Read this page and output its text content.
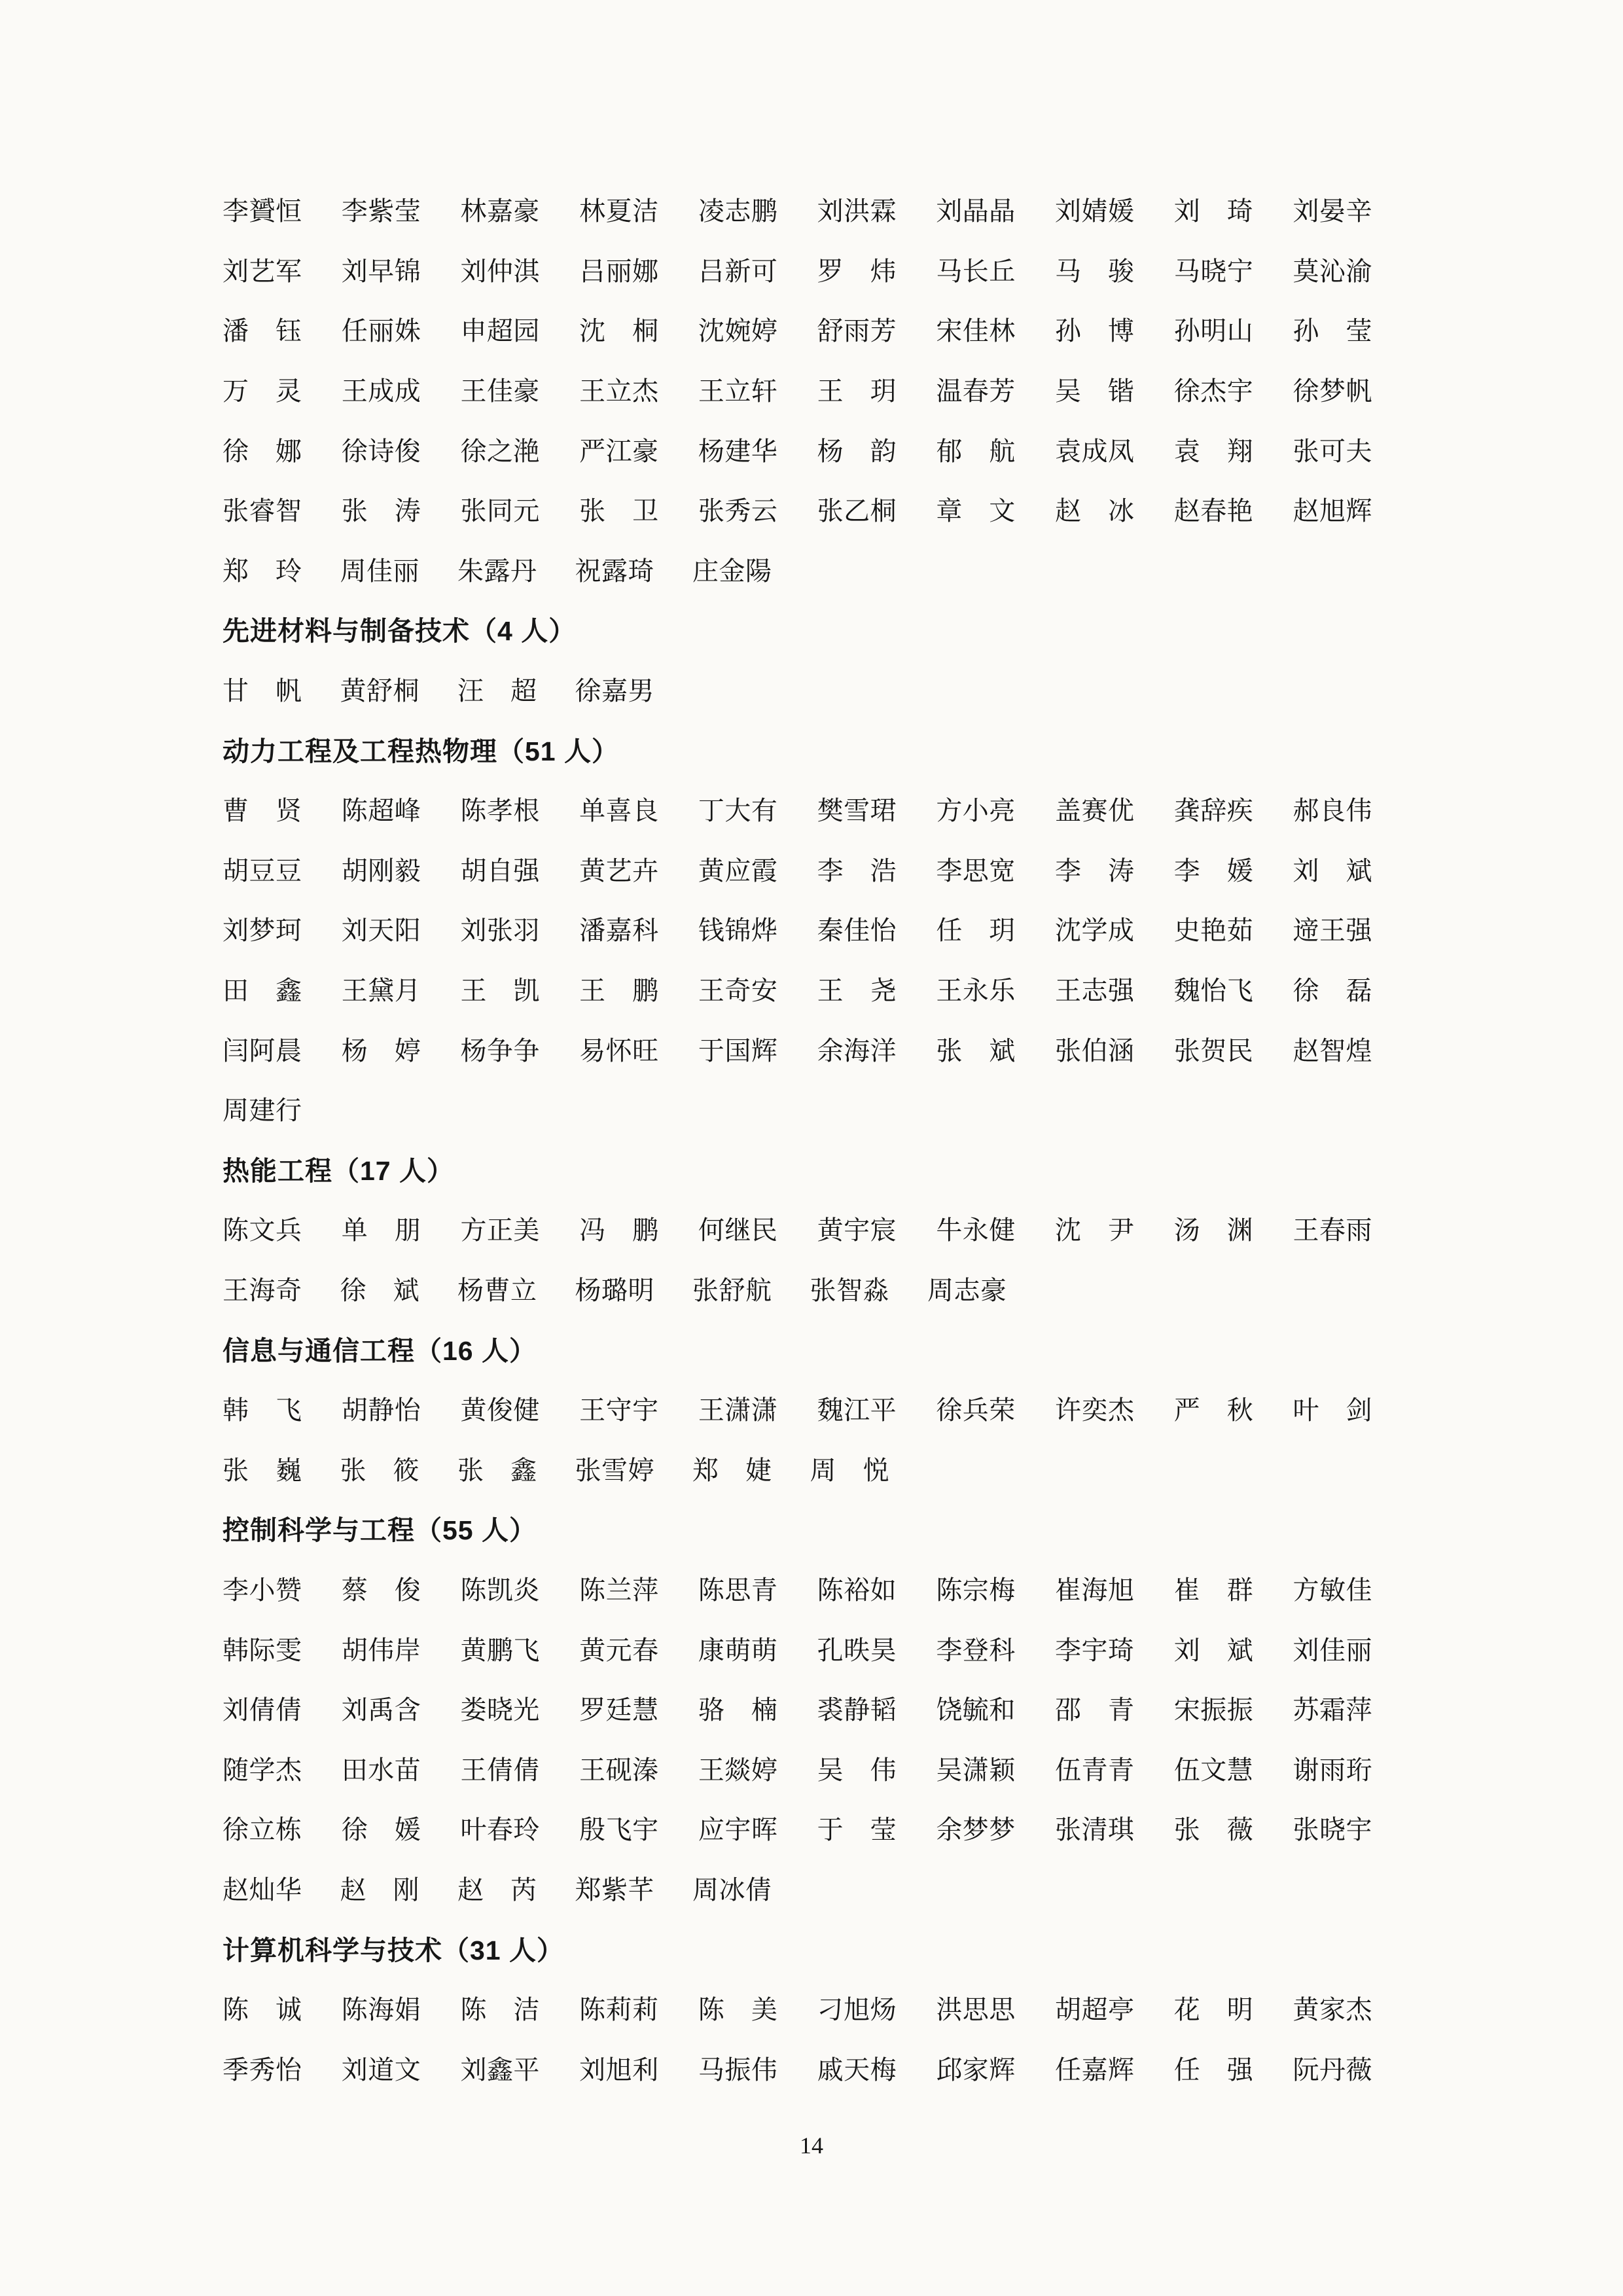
李贇恒 李紫莹 林嘉豪 林夏洁 凌志鹏 刘洪霖 刘晶晶 刘婧媛 刘 琦 刘晏辛
刘艺军 刘早锦 刘仲淇 吕丽娜 吕新可 罗 炜 马长丘 马 骏 马晓宁 莫沁渝
潘 钰 任丽姝 申超园 沈 桐 沈婉婷 舒雨芳 宋佳林 孙 博 孙明山 孙 莹
万 灵 王成成 王佳豪 王立杰 王立轩 王 玥 温春芳 吴 锴 徐杰宇 徐梦帆
徐 娜 徐诗俊 徐之滟 严江豪 杨建华 杨 韵 郁 航 袁成凤 袁 翔 张可夫
张睿智 张 涛 张同元 张 卫 张秀云 张乙桐 章 文 赵 冰 赵春艳 赵旭辉
郑 玲 周佳丽 朱露丹 祝露琦 庄金陽
先进材料与制备技术（4 人）
甘 帆 黄舒桐 汪 超 徐嘉男
动力工程及工程热物理（51 人）
曹 贤 陈超峰 陈孝根 单喜良 丁大有 樊雪珺 方小亮 盖赛优 龚辞疾 郝良伟
胡豆豆 胡刚毅 胡自强 黄艺卉 黄应霞 李 浩 李思宽 李 涛 李 媛 刘 斌
刘梦珂 刘天阳 刘张羽 潘嘉科 钱锦烨 秦佳怡 任 玥 沈学成 史艳茹 遆王强
田 鑫 王黛月 王 凯 王 鹏 王奇安 王 尧 王永乐 王志强 魏怡飞 徐 磊
闫阿晨 杨 婷 杨争争 易怀旺 于国辉 余海洋 张 斌 张伯涵 张贺民 赵智煌
周建行
热能工程（17 人）
陈文兵 单 朋 方正美 冯 鹏 何继民 黄宇宸 牛永健 沈 尹 汤 渊 王春雨
王海奇 徐 斌 杨曹立 杨璐明 张舒航 张智淼 周志豪
信息与通信工程（16 人）
韩 飞 胡静怡 黄俊健 王守宇 王潇潇 魏江平 徐兵荣 许奕杰 严 秋 叶 剑
张 巍 张 筱 张 鑫 张雪婷 郑 婕 周 悦
控制科学与工程（55 人）
李小赞 蔡 俊 陈凯炎 陈兰萍 陈思青 陈裕如 陈宗梅 崔海旭 崔 群 方敏佳
韩际雯 胡伟岸 黄鹏飞 黄元春 康萌萌 孔昳昊 李登科 李宇琦 刘 斌 刘佳丽
刘倩倩 刘禹含 娄晓光 罗廷慧 骆 楠 裘静韬 饶毓和 邵 青 宋振振 苏霜萍
随学杰 田水苗 王倩倩 王砚溱 王燚婷 吴 伟 吴潇颖 伍青青 伍文慧 谢雨珩
徐立栋 徐 媛 叶春玲 殷飞宇 应宇晖 于 莹 余梦梦 张清琪 张 薇 张晓宇
赵灿华 赵 刚 赵 芮 郑紫芊 周冰倩
计算机科学与技术（31 人）
陈 诚 陈海娟 陈 洁 陈莉莉 陈 美 刁旭炀 洪思思 胡超亭 花 明 黄家杰
季秀怡 刘道文 刘鑫平 刘旭利 马振伟 戚天梅 邱家辉 任嘉辉 任 强 阮丹薇
14
